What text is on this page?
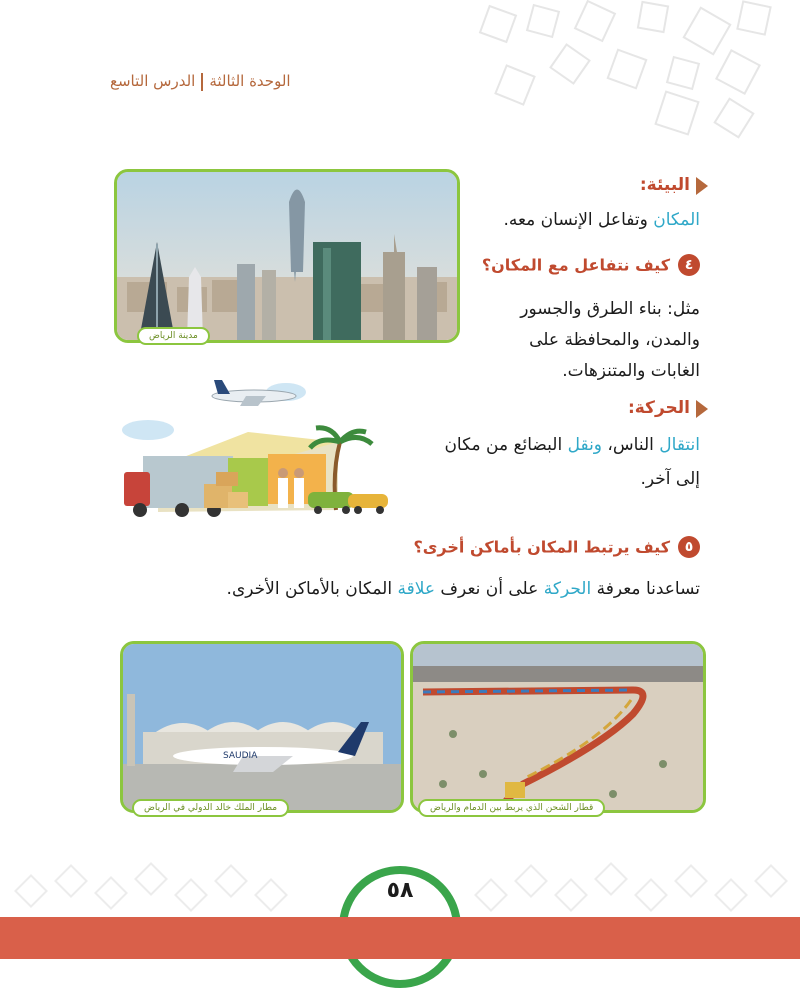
الوحدة الثالثةالدرس التاسع
مدينة الرياض
البيئة:
المكان وتفاعل الإنسان معه.
٤كيف نتفاعل مع المكان؟
مثل: بناء الطرق والجسور
والمدن، والمحافظة على
الغابات والمتنزهات.
الحركة:
انتقال الناس، ونقل البضائع من مكان
إلى آخر.
٥كيف يرتبط المكان بأماكن أخرى؟
تساعدنا معرفة الحركة على أن نعرف علاقة المكان بالأماكن الأخرى.
SAUDIA
مطار الملك خالد الدولي في الرياض	قطار الشحن الذي يربط بين الدمام والرياض
٥٨
